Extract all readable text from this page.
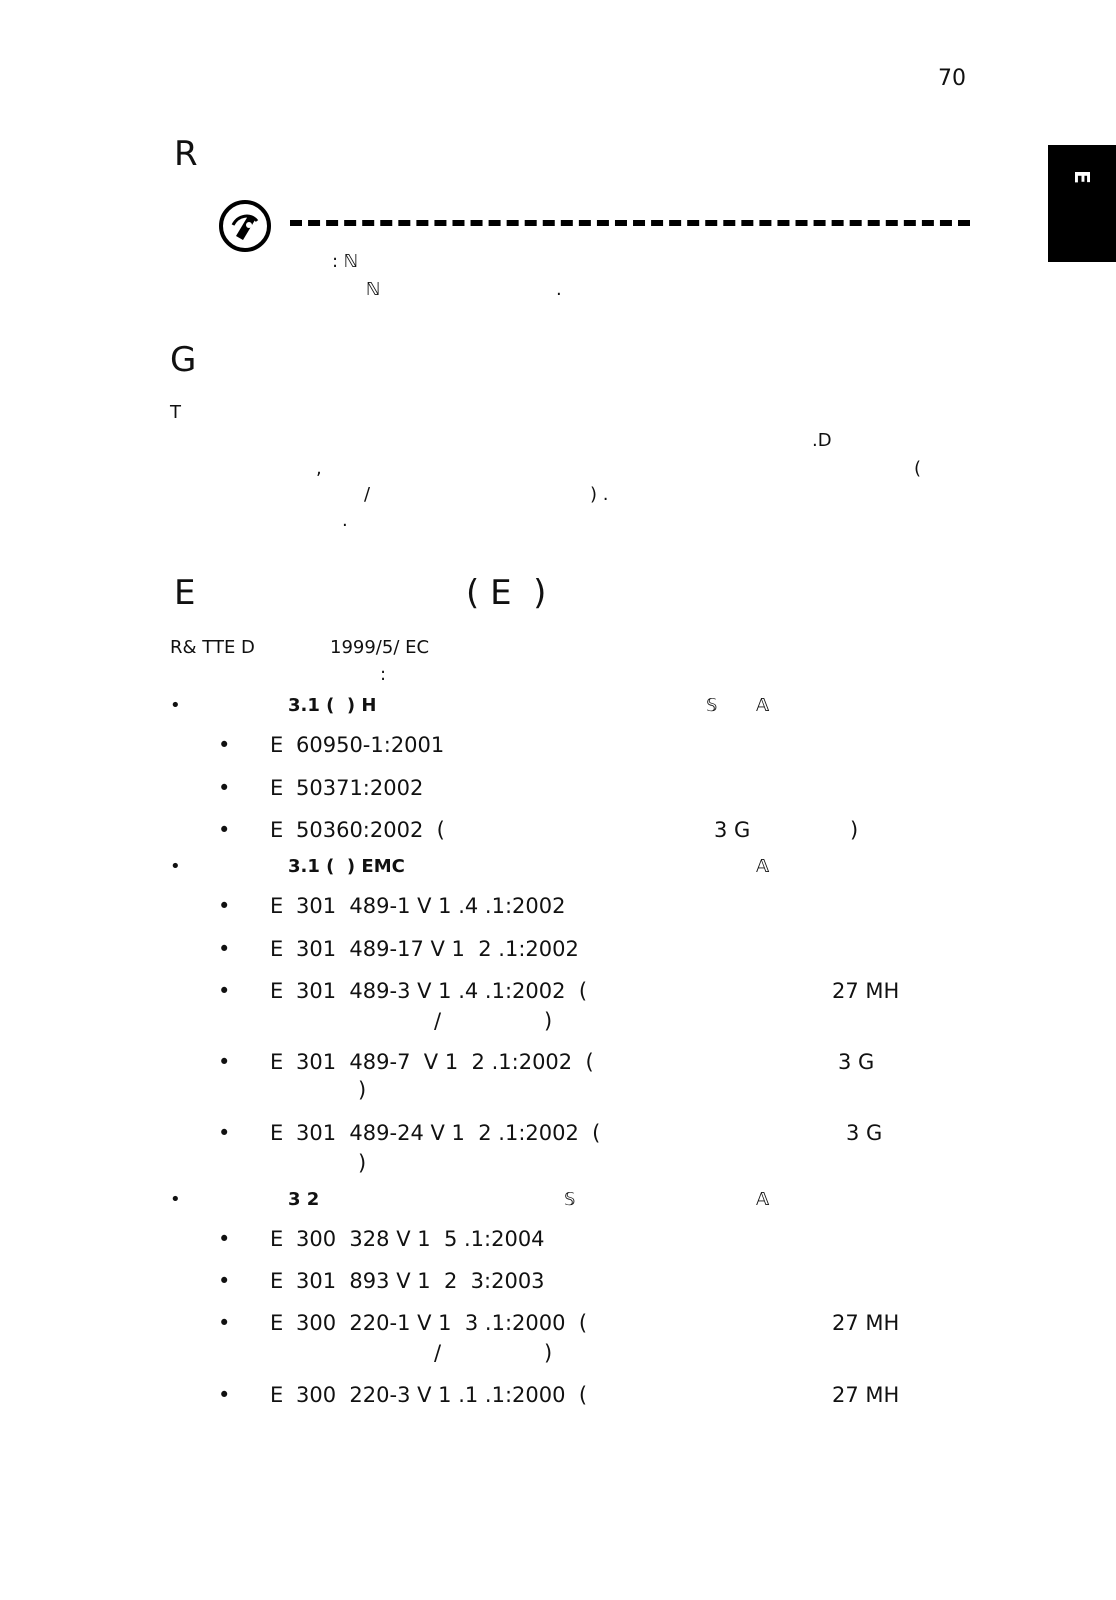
70
E
R
: ℕ
ℕ	.
G
T
.D
,	(
/	) .
.
E	( E  )
R& TTE D	1999/5/ EC
:
•	3.1 (  ) H	𝕊 𝔸
• E 60950-1:2001
• E 50371:2002
• E 50360:2002  (	3 G	)
•	3.1 (  ) EMC	𝔸
• E 301  489-1 V 1 .4 .1:2002
• E 301  489-17 V 1  2 .1:2002
• E 301  489-3 V 1 .4 .1:2002  (	27 MH
/	)
• E 301  489-7  V 1  2 .1:2002  (	3 G
)
• E 301  489-24 V 1  2 .1:2002  (	3 G
)
•	3 2	𝕊	𝔸
• E 300  328 V 1  5 .1:2004
• E 301  893 V 1  2  3:2003
• E 300  220-1 V 1  3 .1:2000  (	27 MH
/	)
• E 300  220-3 V 1 .1 .1:2000  (	27 MH
